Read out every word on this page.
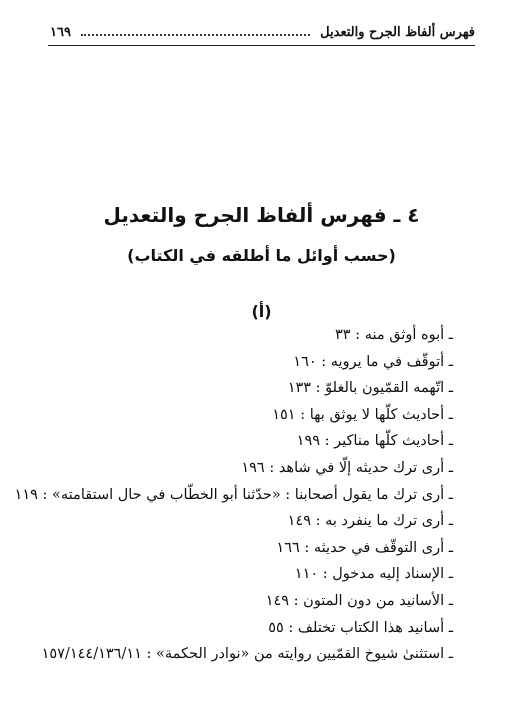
فهرس ألفاظ الجرح والتعديل
١٦٩
٤ ـ فهرس ألفاظ الجرح والتعديل
(حسب أوائل ما أطلقه في الكتاب)
(أ)
ـ أبوه أوثق منه : ٣٣
ـ أتوقّف في ما يرويه : ١٦٠
ـ اتّهمه القمّيون بالغلوّ : ١٣٣
ـ أحاديث كلّها لا يوثق بها : ١٥١
ـ أحاديث كلّها مناكير : ١٩٩
ـ أرى ترك حديثه إلّا في شاهد : ١٩٦
ـ أرى ترك ما يقول أصحابنا : «حدّثنا أبو الخطّاب في حال استقامته» : ١١٩
ـ أرى ترك ما ينفرد به : ١٤٩
ـ أرى التوقّف في حديثه : ١٦٦
ـ الإسناد إليه مدخول : ١١٠
ـ الأسانيد من دون المتون : ١٤٩
ـ أسانيد هذا الكتاب تختلف : ٥٥
ـ استثنىٰ شيوخ القمّيين روايته من «نوادر الحكمة» : ١٥٧/١٤٤/١٣٦/١١
